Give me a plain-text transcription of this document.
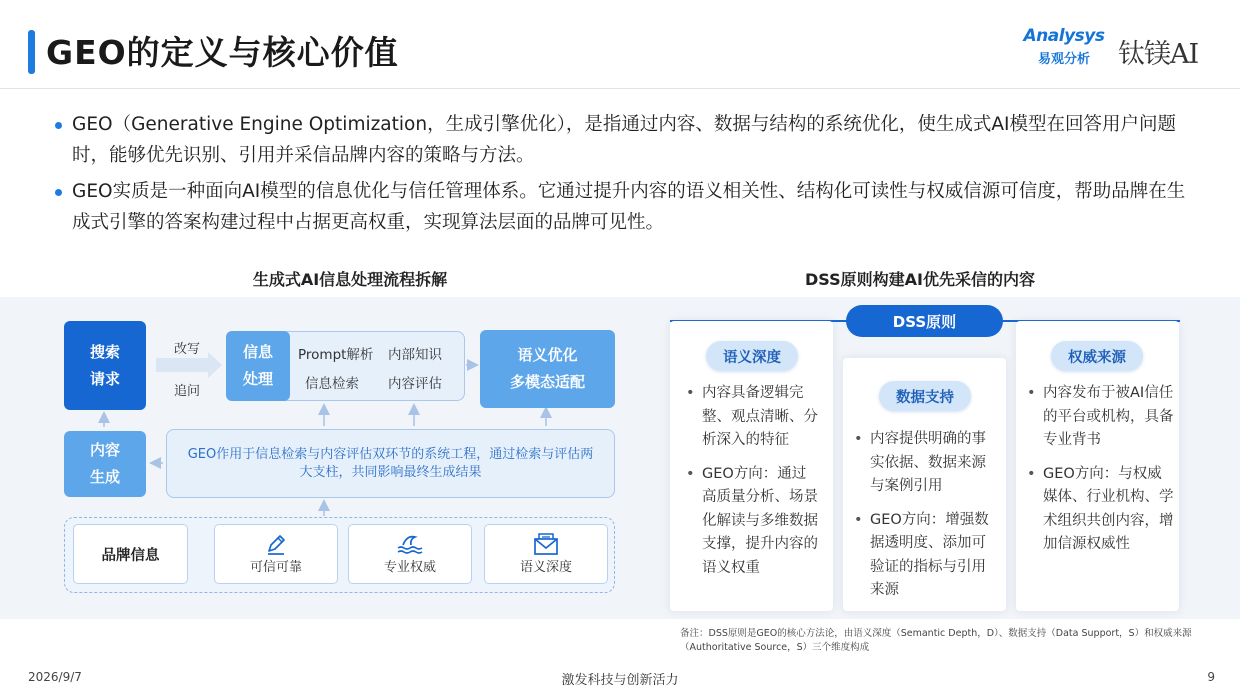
GEO的定义与核心价值	Analysys
易观分析	钛镁AI
GEO（Generative Engine Optimization，生成引擎优化），是指通过内容、数据与结构的系统优化，使生成式AI模型在回答用户问题时，能够优先识别、引用并采信品牌内容的策略与方法。
GEO实质是一种面向AI模型的信息优化与信任管理体系。它通过提升内容的语义相关性、结构化可读性与权威信源可信度，帮助品牌在生成式引擎的答案构建过程中占据更高权重，实现算法层面的品牌可见性。
生成式AI信息处理流程拆解	DSS原则构建AI优先采信的内容
搜索
请求
改写
追问
信息
处理
Prompt解析 内部知识
信息检索 内容评估
语义优化
多模态适配
内容
生成
GEO作用于信息检索与内容评估双环节的系统工程，通过检索与评估两大支柱，共同影响最终生成结果
品牌信息
可信可靠	专业权威	语义深度
DSS原则
语义深度
数据支持
权威来源
• 内容具备逻辑完整、观点清晰、分析深入的特征
• GEO方向：通过高质量分析、场景化解读与多维数据支撑，提升内容的语义权重
• 内容提供明确的事实依据、数据来源与案例引用
• GEO方向：增强数据透明度、添加可验证的指标与引用来源
• 内容发布于被AI信任的平台或机构，具备专业背书
• GEO方向：与权威媒体、行业机构、学术组织共创内容，增加信源权威性
备注：DSS原则是GEO的核心方法论，由语义深度（Semantic Depth，D）、数据支持（Data Support，S）和权威来源（Authoritative Source，S）三个维度构成
2026/9/7	激发科技与创新活力	9
